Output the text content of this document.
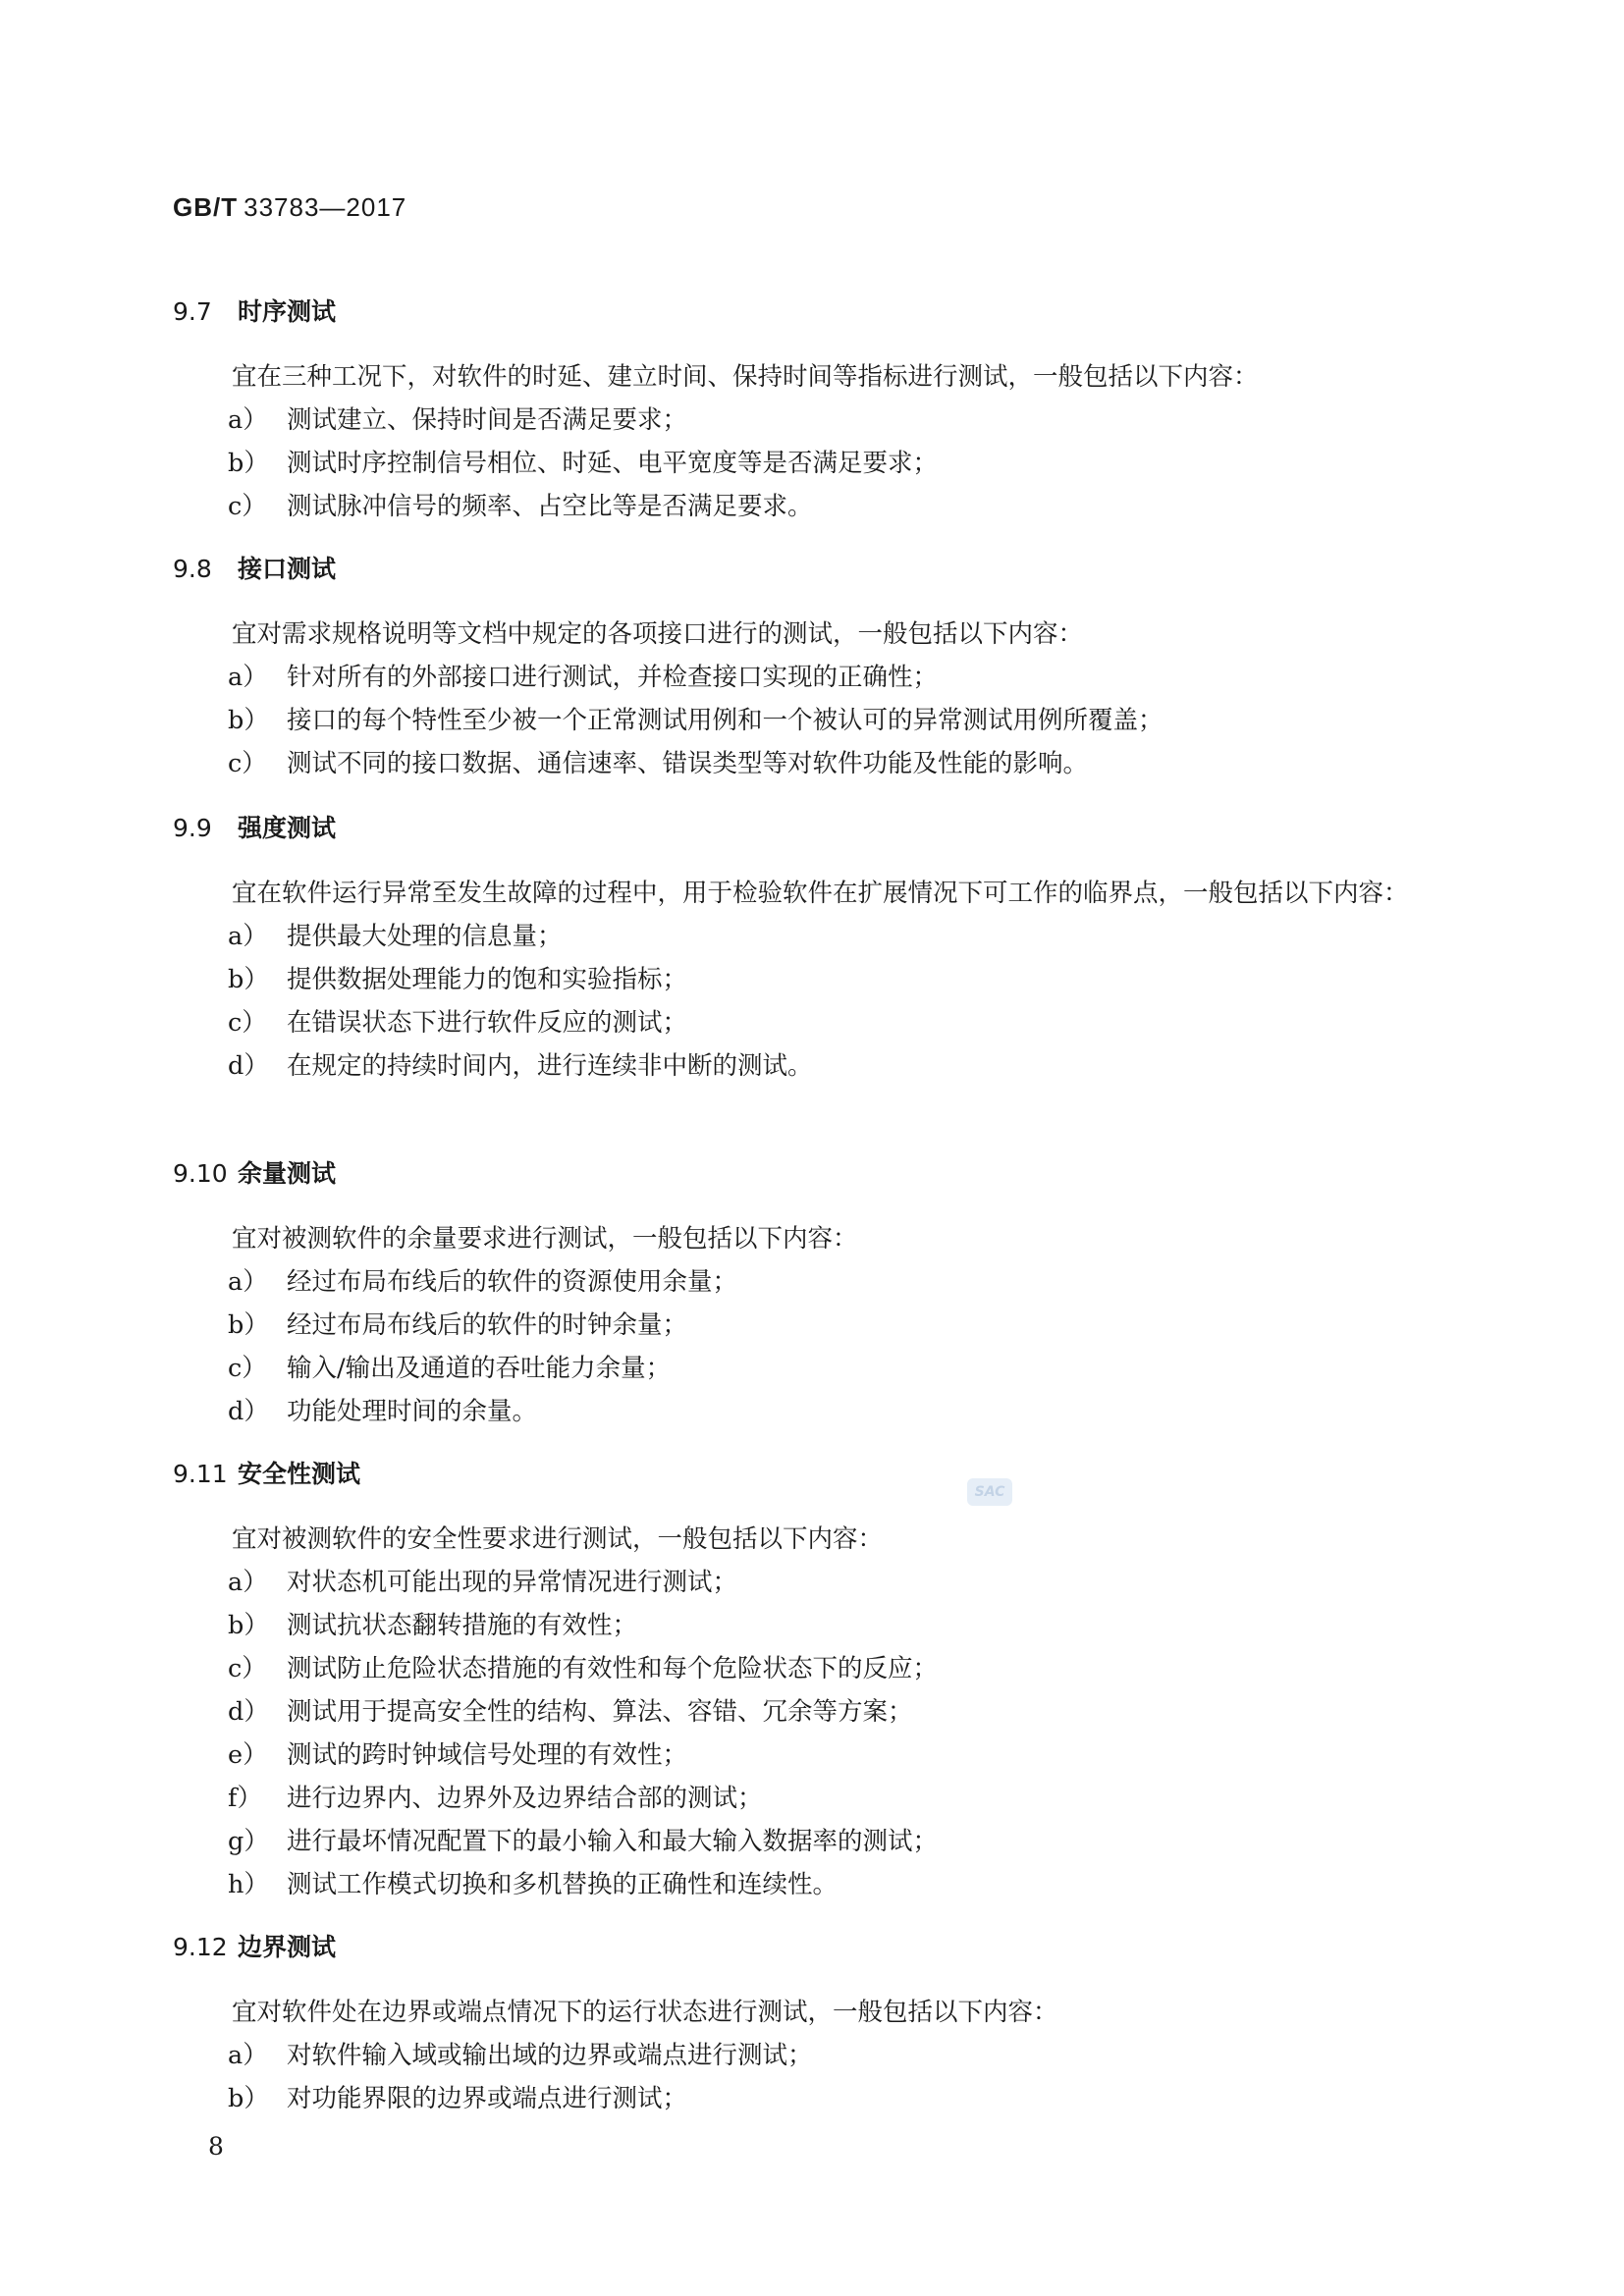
GB/T 33783—2017
9.7 时序测试
宜在三种工况下，对软件的时延、建立时间、保持时间等指标进行测试，一般包括以下内容：
a） 测试建立、保持时间是否满足要求；
b） 测试时序控制信号相位、时延、电平宽度等是否满足要求；
c） 测试脉冲信号的频率、占空比等是否满足要求。
9.8 接口测试
宜对需求规格说明等文档中规定的各项接口进行的测试，一般包括以下内容：
a） 针对所有的外部接口进行测试，并检查接口实现的正确性；
b） 接口的每个特性至少被一个正常测试用例和一个被认可的异常测试用例所覆盖；
c） 测试不同的接口数据、通信速率、错误类型等对软件功能及性能的影响。
9.9 强度测试
宜在软件运行异常至发生故障的过程中，用于检验软件在扩展情况下可工作的临界点，一般包括以下内容：
a） 提供最大处理的信息量；
b） 提供数据处理能力的饱和实验指标；
c） 在错误状态下进行软件反应的测试；
d） 在规定的持续时间内，进行连续非中断的测试。
9.10 余量测试
宜对被测软件的余量要求进行测试，一般包括以下内容：
a） 经过布局布线后的软件的资源使用余量；
b） 经过布局布线后的软件的时钟余量；
c） 输入/输出及通道的吞吐能力余量；
d） 功能处理时间的余量。
9.11 安全性测试
宜对被测软件的安全性要求进行测试，一般包括以下内容：
a） 对状态机可能出现的异常情况进行测试；
b） 测试抗状态翻转措施的有效性；
c） 测试防止危险状态措施的有效性和每个危险状态下的反应；
d） 测试用于提高安全性的结构、算法、容错、冗余等方案；
e） 测试的跨时钟域信号处理的有效性；
f） 进行边界内、边界外及边界结合部的测试；
g） 进行最坏情况配置下的最小输入和最大输入数据率的测试；
h） 测试工作模式切换和多机替换的正确性和连续性。
9.12 边界测试
宜对软件处在边界或端点情况下的运行状态进行测试，一般包括以下内容：
a） 对软件输入域或输出域的边界或端点进行测试；
b） 对功能界限的边界或端点进行测试；
SAC
8
